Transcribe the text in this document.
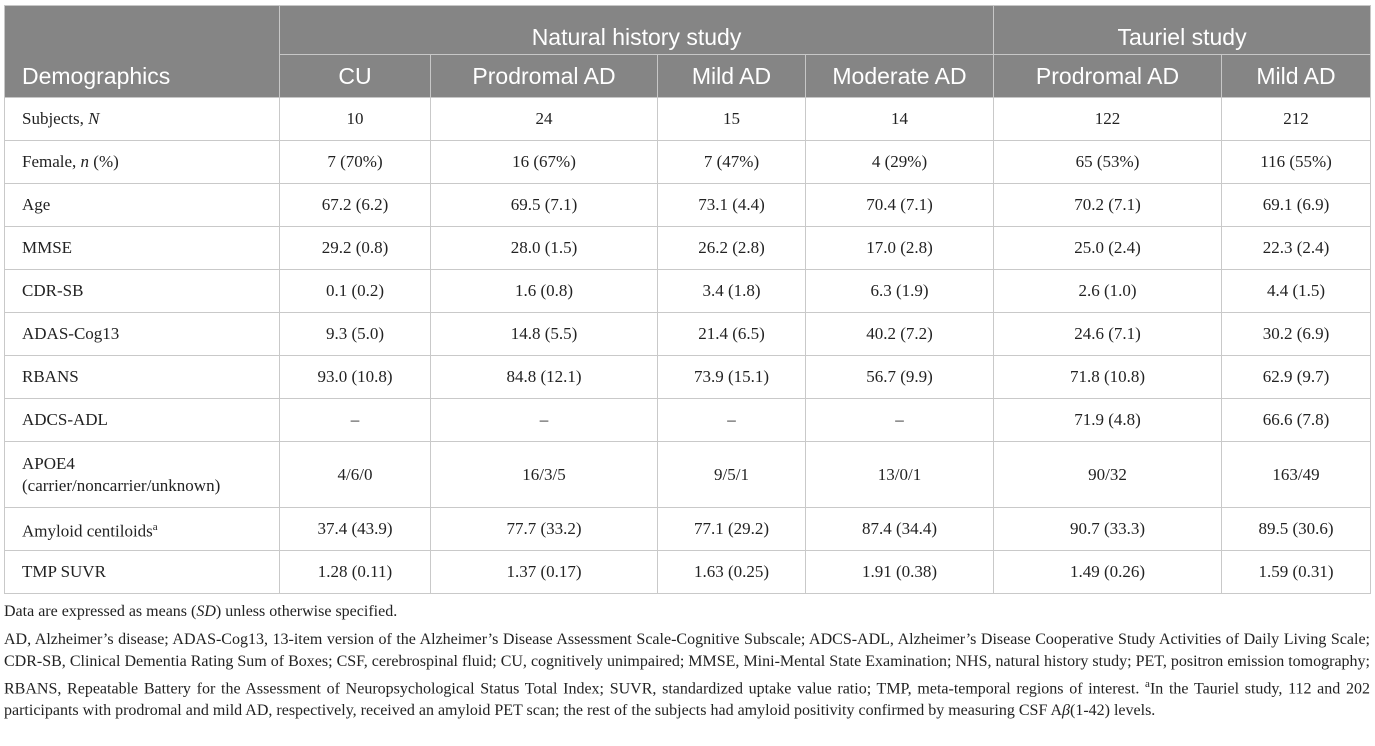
Demographics	Natural history study				Tauriel study	
	CU	Prodromal AD	Mild AD	Moderate AD	Prodromal AD	Mild AD
Subjects, N	10	24	15	14	122	212
Female, n (%)	7 (70%)	16 (67%)	7 (47%)	4 (29%)	65 (53%)	116 (55%)
Age	67.2 (6.2)	69.5 (7.1)	73.1 (4.4)	70.4 (7.1)	70.2 (7.1)	69.1 (6.9)
MMSE	29.2 (0.8)	28.0 (1.5)	26.2 (2.8)	17.0 (2.8)	25.0 (2.4)	22.3 (2.4)
CDR-SB	0.1 (0.2)	1.6 (0.8)	3.4 (1.8)	6.3 (1.9)	2.6 (1.0)	4.4 (1.5)
ADAS-Cog13	9.3 (5.0)	14.8 (5.5)	21.4 (6.5)	40.2 (7.2)	24.6 (7.1)	30.2 (6.9)
RBANS	93.0 (10.8)	84.8 (12.1)	73.9 (15.1)	56.7 (9.9)	71.8 (10.8)	62.9 (9.7)
ADCS-ADL	–	–	–	–	71.9 (4.8)	66.6 (7.8)
APOE4
(carrier/noncarrier/unknown)	4/6/0	16/3/5	9/5/1	13/0/1	90/32	163/49
Amyloid centiloids$^a$	37.4 (43.9)	77.7 (33.2)	77.1 (29.2)	87.4 (34.4)	90.7 (33.3)	89.5 (30.6)
TMP SUVR	1.28 (0.11)	1.37 (0.17)	1.63 (0.25)	1.91 (0.38)	1.49 (0.26)	1.59 (0.31)

Data are expressed as means (SD) unless otherwise specified.

AD, Alzheimer’s disease; ADAS-Cog13, 13-item version of the Alzheimer’s Disease Assessment Scale-Cognitive Subscale; ADCS-ADL, Alzheimer’s Disease Cooperative Study Activities of Daily Living Scale; CDR-SB, Clinical Dementia Rating Sum of Boxes; CSF, cerebrospinal fluid; CU, cognitively unimpaired; MMSE, Mini-Mental State Examination; NHS, natural history study; PET, positron emission tomography; RBANS, Repeatable Battery for the Assessment of Neuropsychological Status Total Index; SUVR, standardized uptake value ratio; TMP, meta-temporal regions of interest. $^a$In the Tauriel study, 112 and 202 participants with prodromal and mild AD, respectively, received an amyloid PET scan; the rest of the subjects had amyloid positivity confirmed by measuring CSF Aβ(1-42) levels.
